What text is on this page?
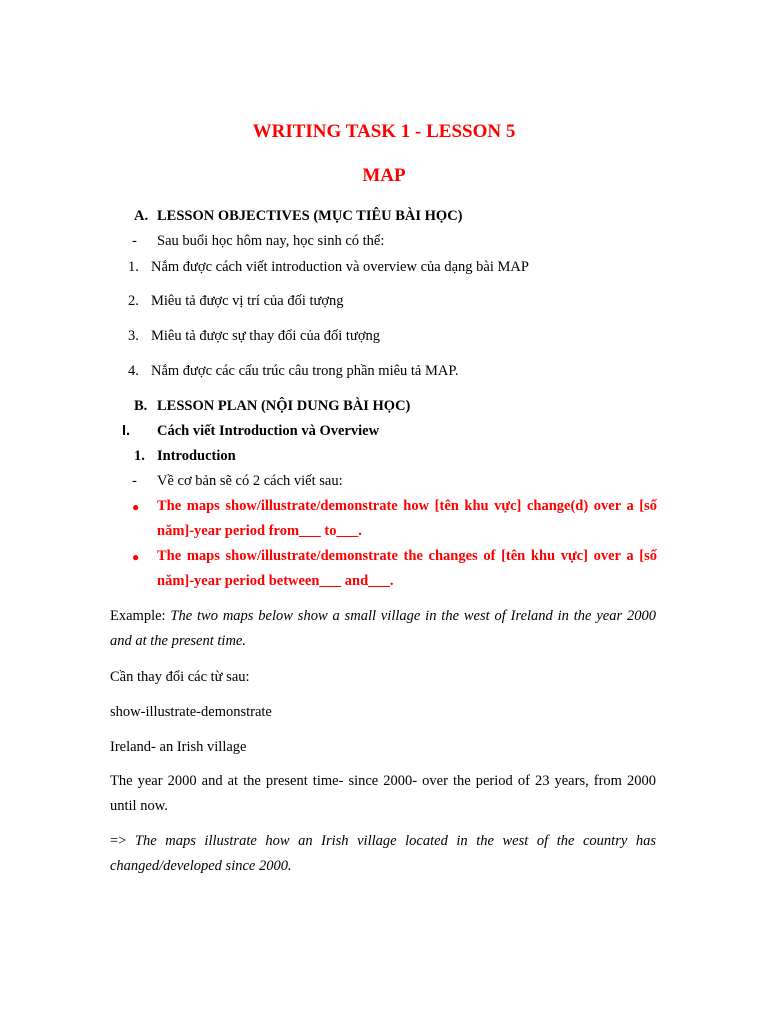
WRITING TASK 1 - LESSON 5
MAP
A. LESSON OBJECTIVES (MỤC TIÊU BÀI HỌC)
- Sau buổi học hôm nay, học sinh có thể:
1. Nắm được cách viết introduction và overview của dạng bài MAP
2. Miêu tả được vị trí của đối tượng
3. Miêu tả được sự thay đổi của đối tượng
4. Nắm được các cấu trúc câu trong phần miêu tả MAP.
B. LESSON PLAN (NỘI DUNG BÀI HỌC)
I. Cách viết Introduction và Overview
1. Introduction
- Về cơ bản sẽ có 2 cách viết sau:
● The maps show/illustrate/demonstrate how [tên khu vực] change(d) over a [số năm]-year period from___ to___.
● The maps show/illustrate/demonstrate the changes of [tên khu vực] over a [số năm]-year period between___ and___.
Example: The two maps below show a small village in the west of Ireland in the year 2000 and at the present time.
Cần thay đổi các từ sau:
show-illustrate-demonstrate
Ireland- an Irish village
The year 2000 and at the present time- since 2000- over the period of 23 years, from 2000 until now.
=> The maps illustrate how an Irish village located in the west of the country has changed/developed since 2000.
